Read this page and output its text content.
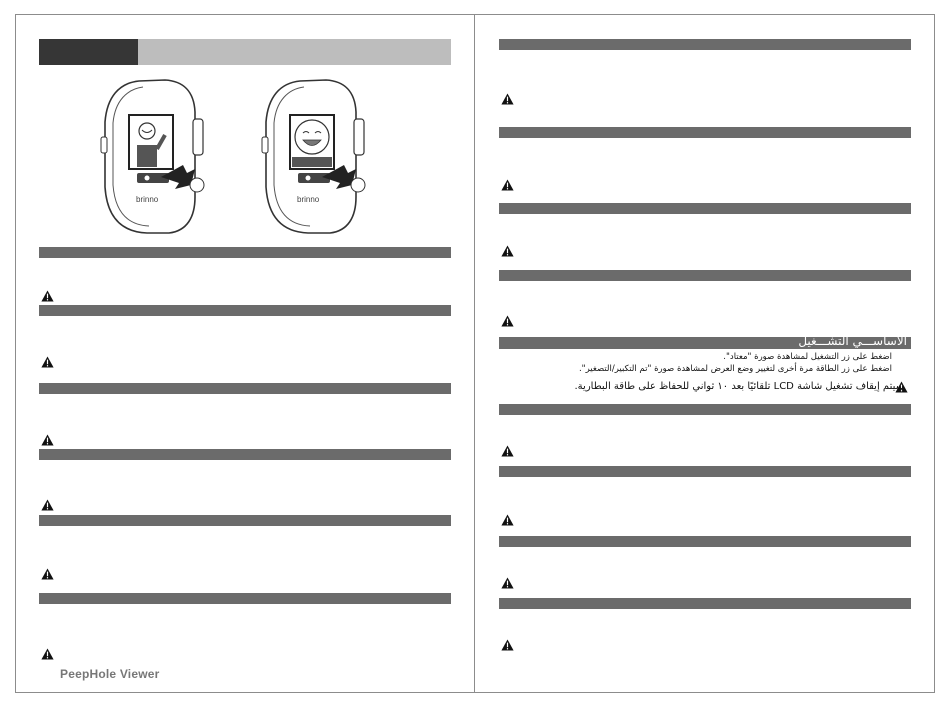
brinno	brinno
PeepHole Viewer
الأساســـي التشـــغيل
اضغط على زر التشغيل لمشاهدة صورة "معتاد".
اضغط على زر الطاقة مرة أخرى لتغيير وضع العرض لمشاهدة صورة "تم التكبير/التصغير".
سيتم إيقاف تشغيل شاشة LCD تلقائيًا بعد ١٠ ثواني للحفاظ على طاقة البطارية.
